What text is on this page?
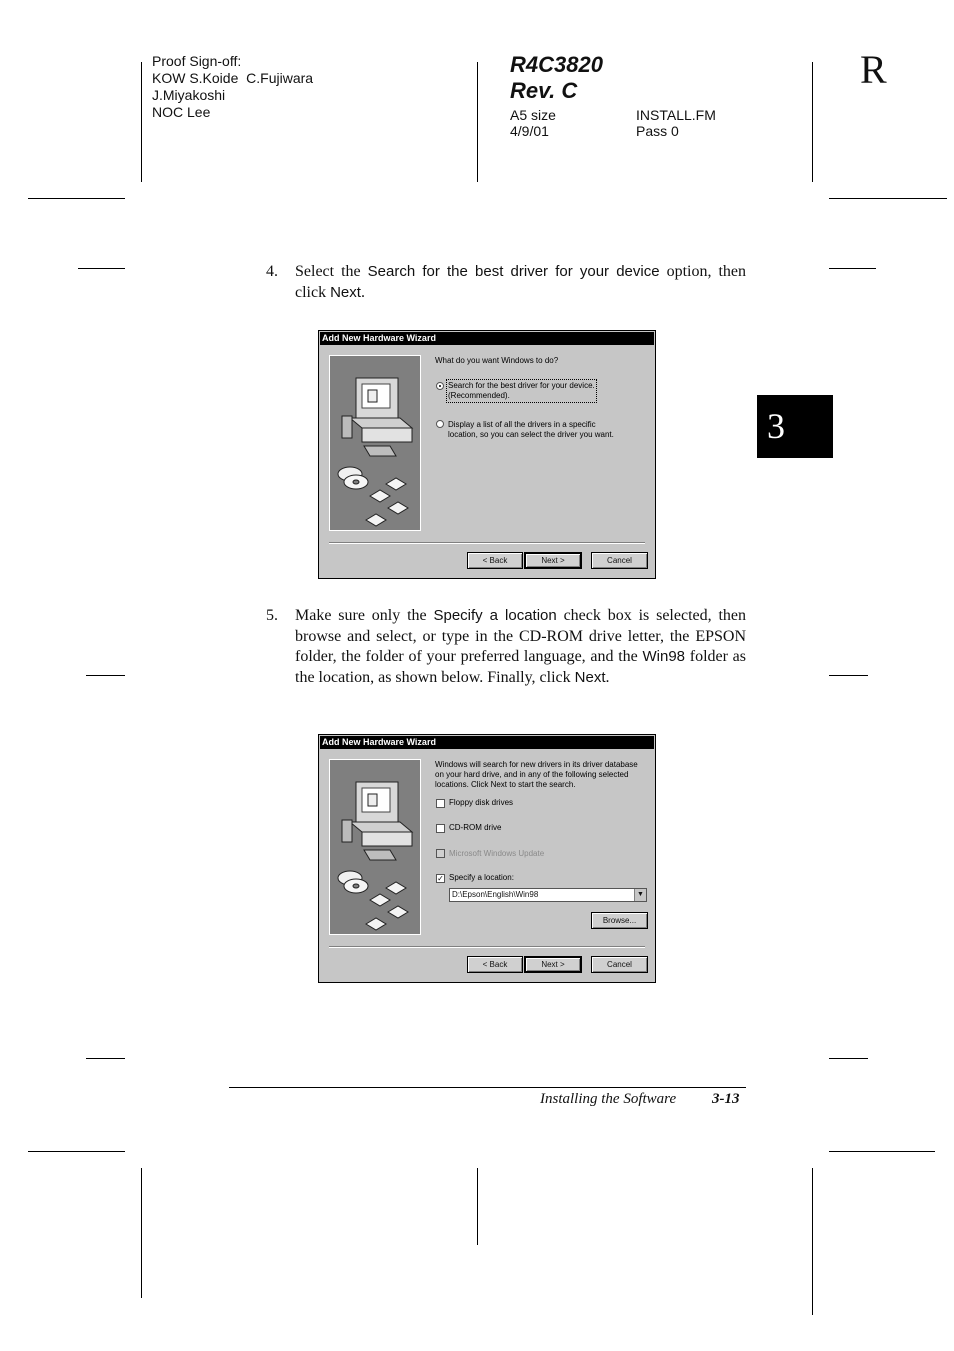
Proof Sign-off:
KOW S.Koide  C.Fujiwara
J.Miyakoshi
NOC Lee
R4C3820
Rev. C
A5 size	INSTALL.FM
4/9/01	Pass 0
R
3
4. Select the Search for the best driver for your device option, then click Next.
Add New Hardware Wizard
What do you want Windows to do?
Search for the best driver for your device.
(Recommended).
Display a list of all the drivers in a specific
location, so you can select the driver you want.
< Back	Next >	Cancel
5. Make sure only the Specify a location check box is selected, then browse and select, or type in the CD-ROM drive letter, the EPSON folder, the folder of your preferred language, and the Win98 folder as the location, as shown below. Finally, click Next.
Add New Hardware Wizard
Windows will search for new drivers in its driver database
on your hard drive, and in any of the following selected
locations. Click Next to start the search.
Floppy disk drives
CD-ROM drive
Microsoft Windows Update
✓ Specify a location:
D:\Epson\English\Win98	▼
Browse...
< Back	Next >	Cancel
Installing the Software 3-13
